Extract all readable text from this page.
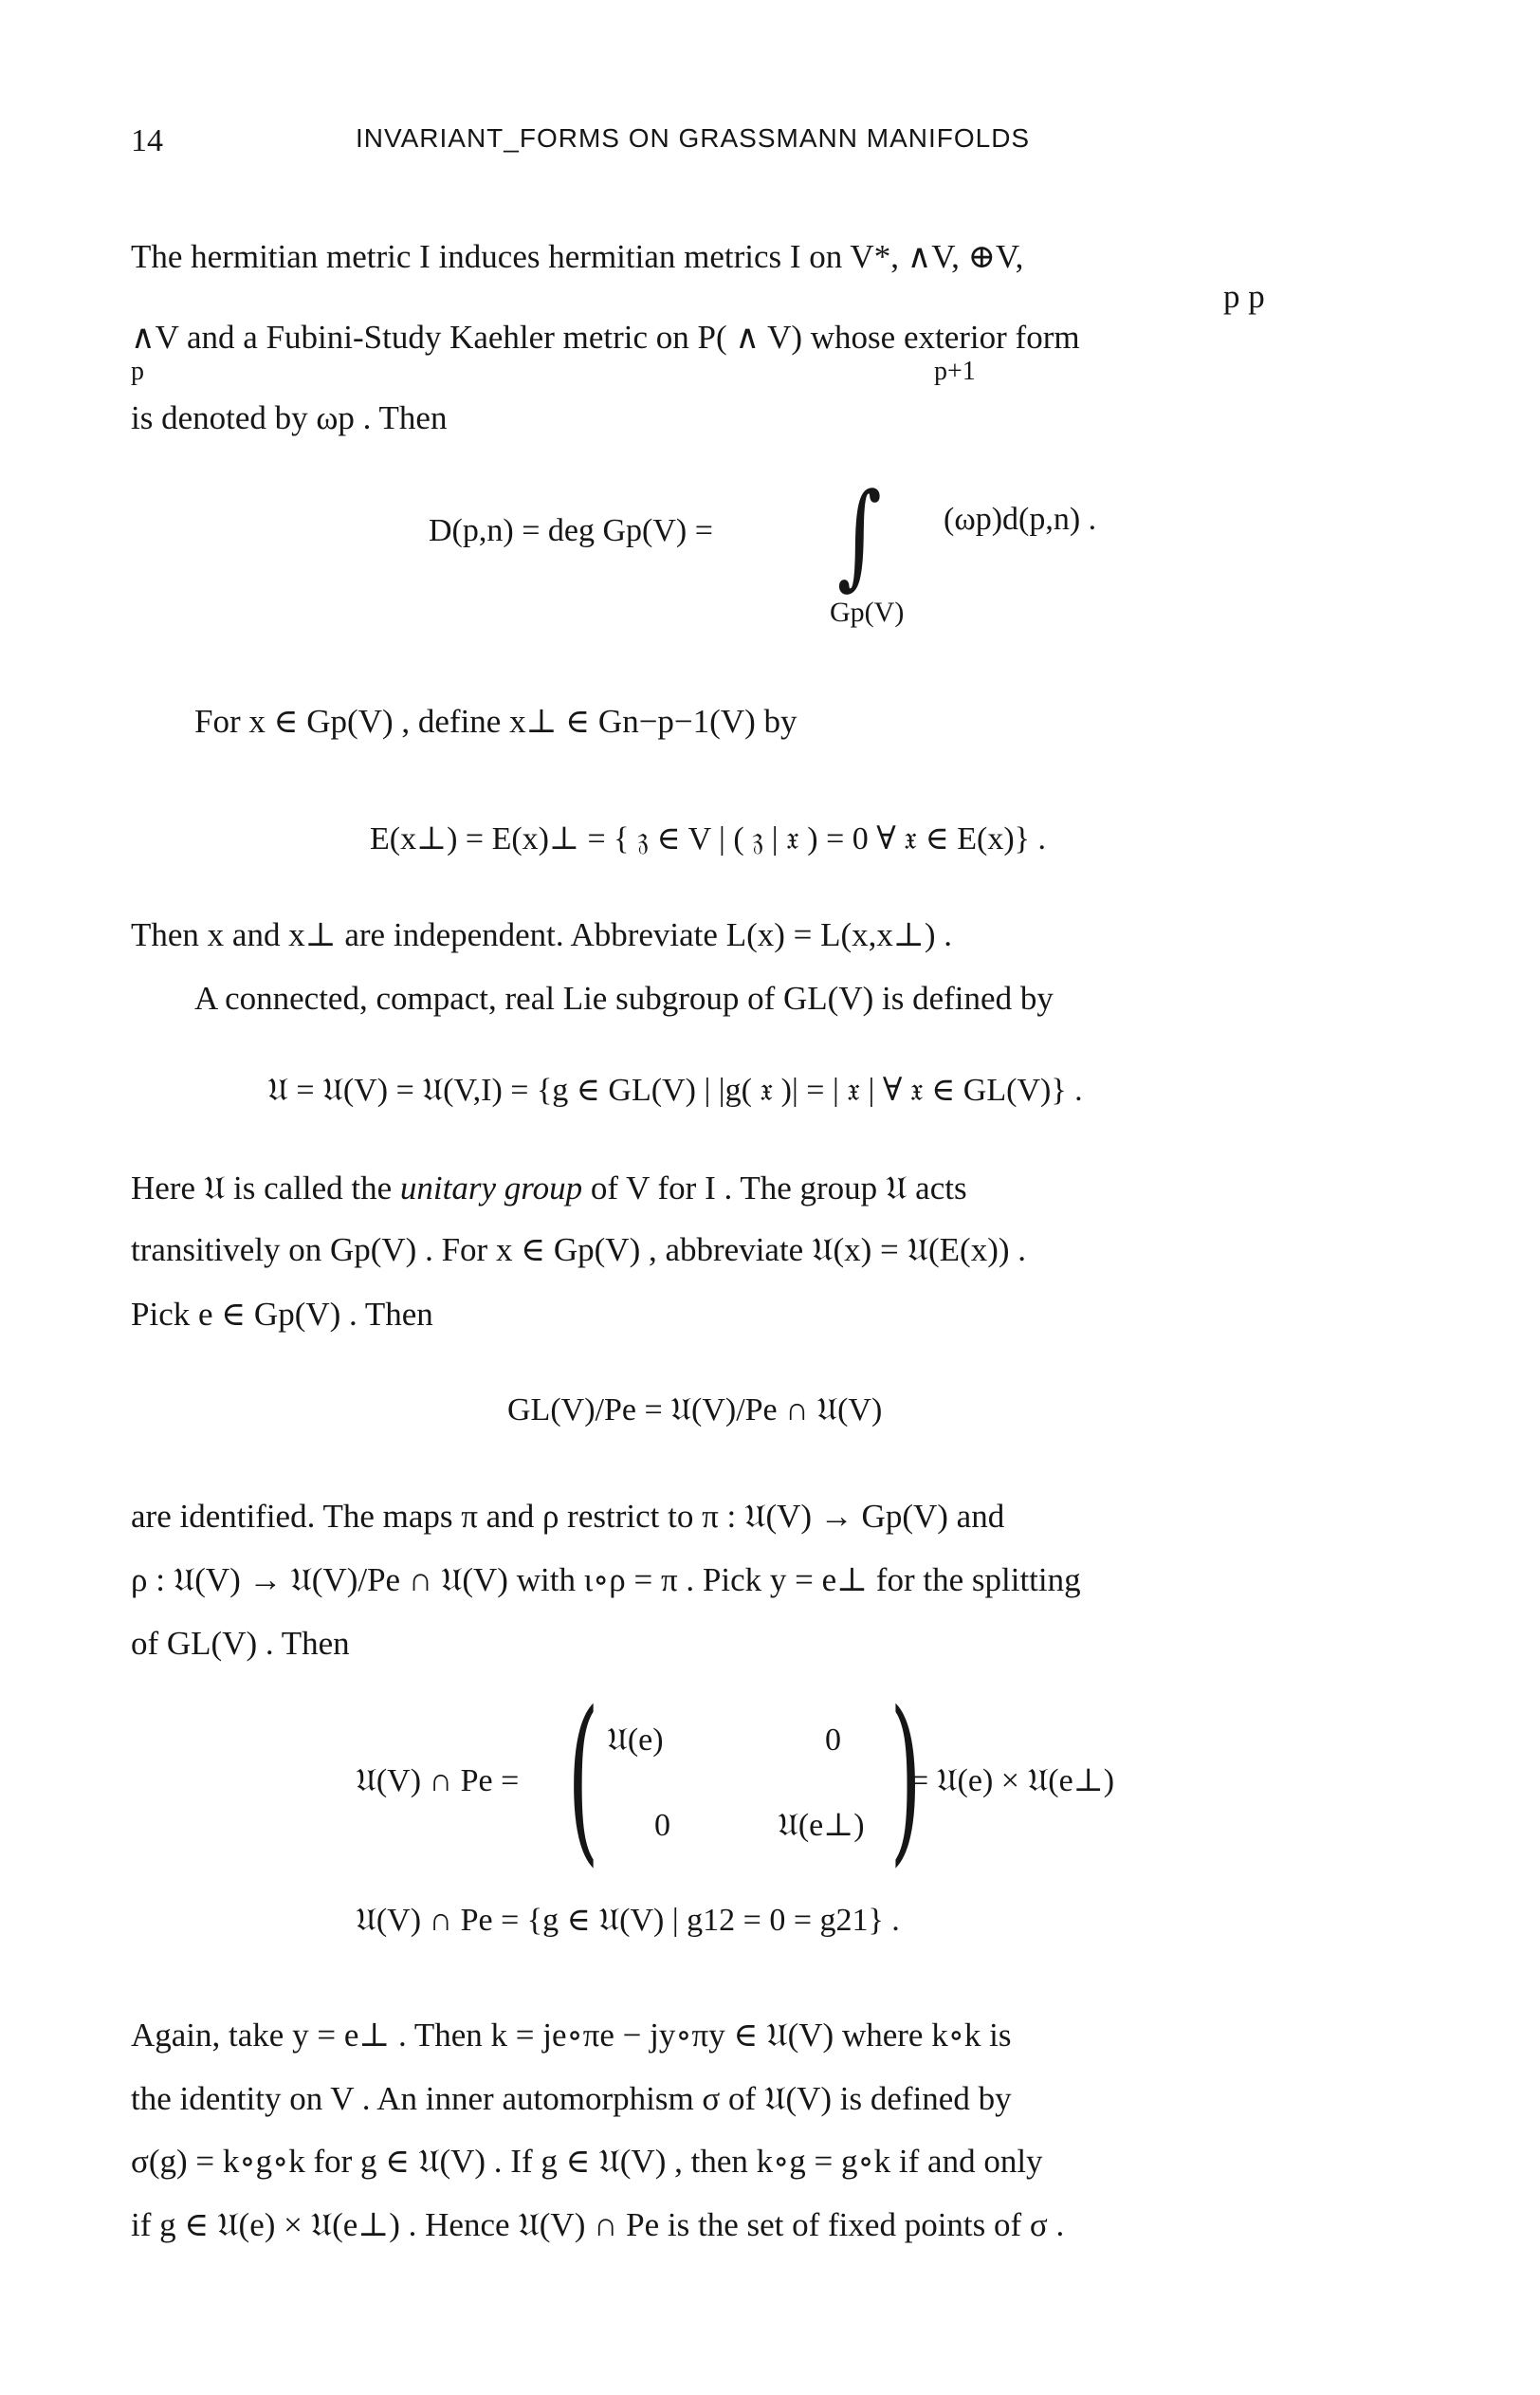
14	INVARIANT_FORMS ON GRASSMANN MANIFOLDS
The hermitian metric I induces hermitian metrics I on V*, ∧V, ⊕V,
p p
∧V and a Fubini-Study Kaehler metric on P( ∧ V) whose exterior form
p	p+1
is denoted by ωp . Then
D(p,n) = deg Gp(V) = ∫ (ωp)d(p,n) .
Gp(V)
For x ∈ Gp(V) , define x⊥ ∈ Gn−p−1(V) by
E(x⊥) = E(x)⊥ = { 𝔷 ∈ V | ( 𝔷 | 𝔵 ) = 0 ∀ 𝔵 ∈ E(x)} .
Then x and x⊥ are independent. Abbreviate L(x) = L(x,x⊥) .
A connected, compact, real Lie subgroup of GL(V) is defined by
𝔘 = 𝔘(V) = 𝔘(V,I) = {g ∈ GL(V) | |g( 𝔵 )| = | 𝔵 | ∀ 𝔵 ∈ GL(V)} .
Here 𝔘 is called the unitary group of V for I . The group 𝔘 acts
transitively on Gp(V) . For x ∈ Gp(V) , abbreviate 𝔘(x) = 𝔘(E(x)) .
Pick e ∈ Gp(V) . Then
GL(V)/Pe = 𝔘(V)/Pe ∩ 𝔘(V)
are identified. The maps π and ρ restrict to π : 𝔘(V) → Gp(V) and
ρ : 𝔘(V) → 𝔘(V)/Pe ∩ 𝔘(V) with ι∘ρ = π . Pick y = e⊥ for the splitting
of GL(V) . Then
𝔘(V) ∩ Pe = ( 𝔘(e)	0
0	𝔘(e⊥) )
= 𝔘(e) × 𝔘(e⊥)
𝔘(V) ∩ Pe = {g ∈ 𝔘(V) | g12 = 0 = g21} .
Again, take y = e⊥ . Then k = je∘πe − jy∘πy ∈ 𝔘(V) where k∘k is
the identity on V . An inner automorphism σ of 𝔘(V) is defined by
σ(g) = k∘g∘k for g ∈ 𝔘(V) . If g ∈ 𝔘(V) , then k∘g = g∘k if and only
if g ∈ 𝔘(e) × 𝔘(e⊥) . Hence 𝔘(V) ∩ Pe is the set of fixed points of σ .
